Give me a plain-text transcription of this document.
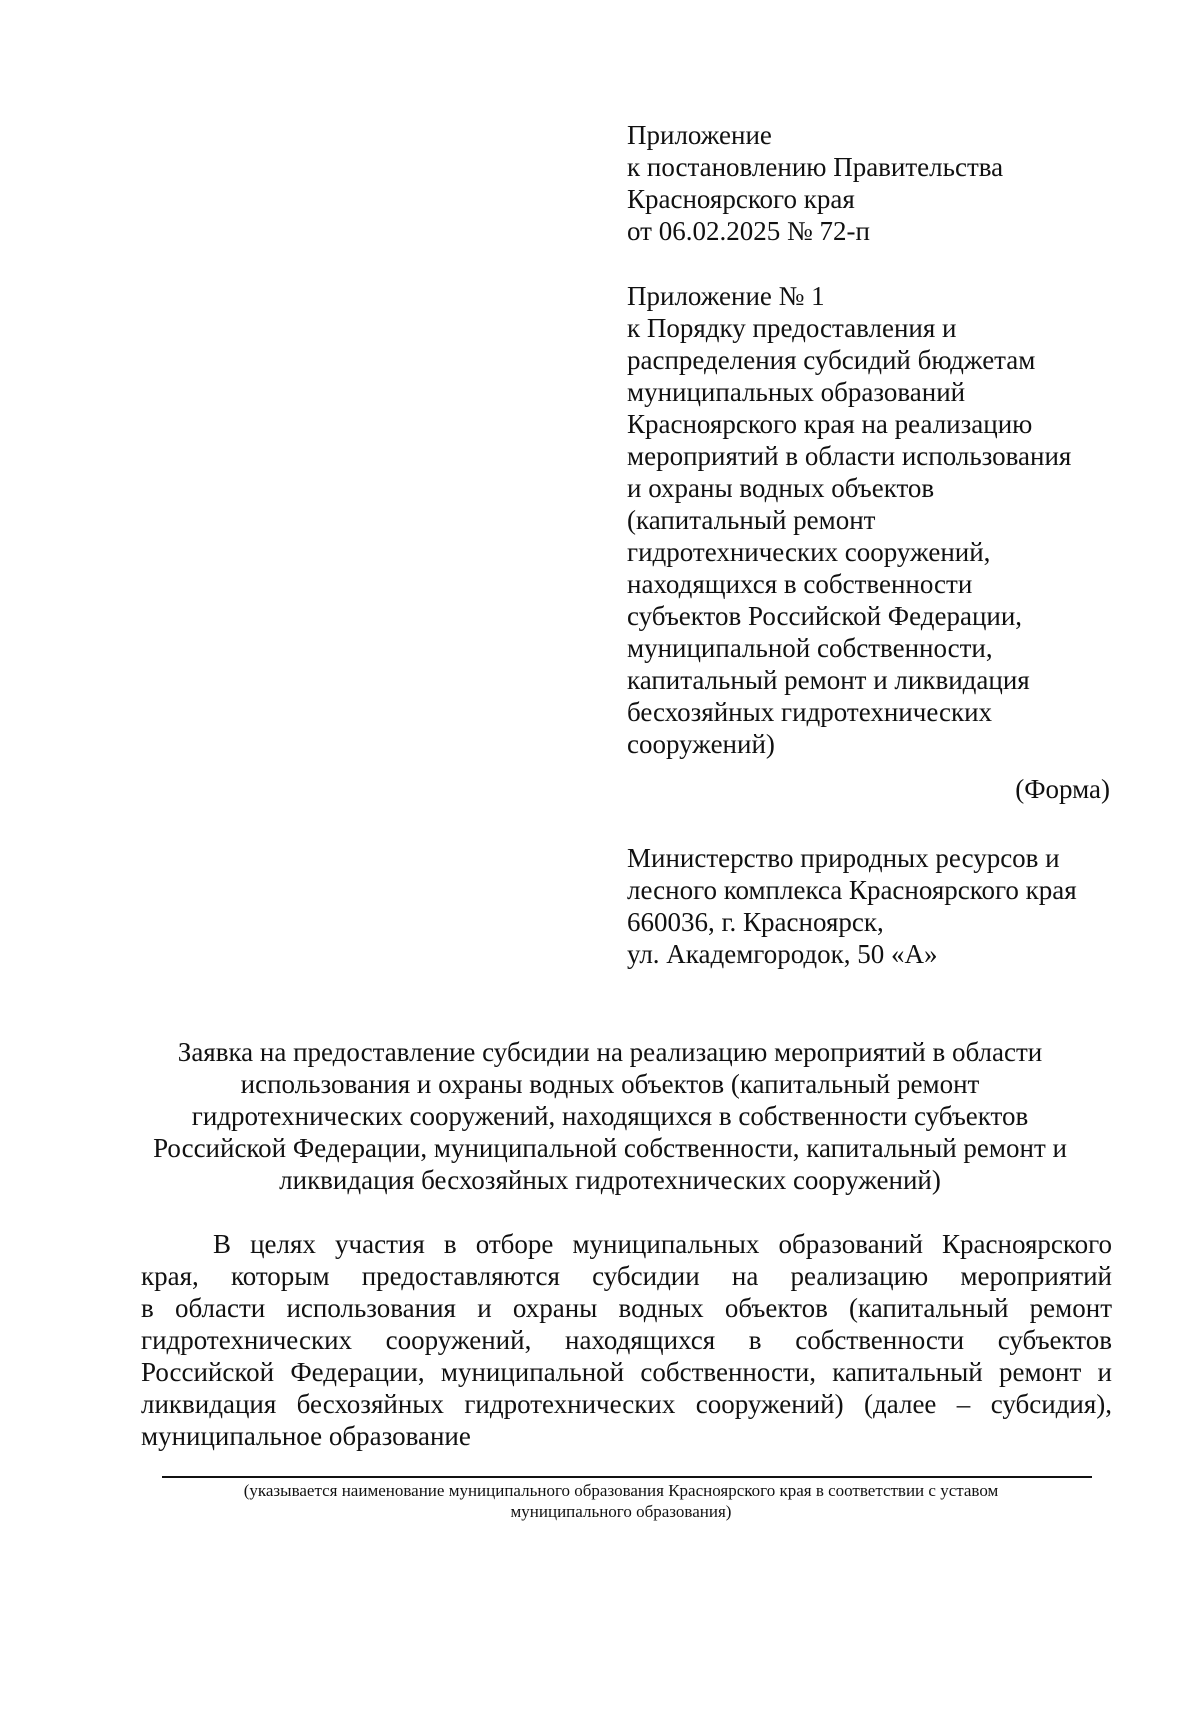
Приложение
к постановлению Правительства
Красноярского края
от 06.02.2025 № 72-п
Приложение № 1
к Порядку предоставления и
распределения субсидий бюджетам
муниципальных образований
Красноярского края на реализацию
мероприятий в области использования
и охраны водных объектов
(капитальный ремонт
гидротехнических сооружений,
находящихся в собственности
субъектов Российской Федерации,
муниципальной собственности,
капитальный ремонт и ликвидация
бесхозяйных гидротехнических
сооружений)
(Форма)
Министерство природных ресурсов и
лесного комплекса Красноярского края
660036, г. Красноярск,
ул. Академгородок, 50 «А»
Заявка на предоставление субсидии на реализацию мероприятий в области
использования и охраны водных объектов (капитальный ремонт
гидротехнических сооружений, находящихся в собственности субъектов
Российской Федерации, муниципальной собственности, капитальный ремонт и
ликвидация бесхозяйных гидротехнических сооружений)
В целях участия в отборе муниципальных образований Красноярского
края, которым предоставляются субсидии на реализацию мероприятий
в области использования и охраны водных объектов (капитальный ремонт
гидротехнических сооружений, находящихся в собственности субъектов
Российской Федерации, муниципальной собственности, капитальный ремонт и
ликвидация бесхозяйных гидротехнических сооружений) (далее – субсидия),
муниципальное образование
(указывается наименование муниципального образования Красноярского края в соответствии с уставом
муниципального образования)
